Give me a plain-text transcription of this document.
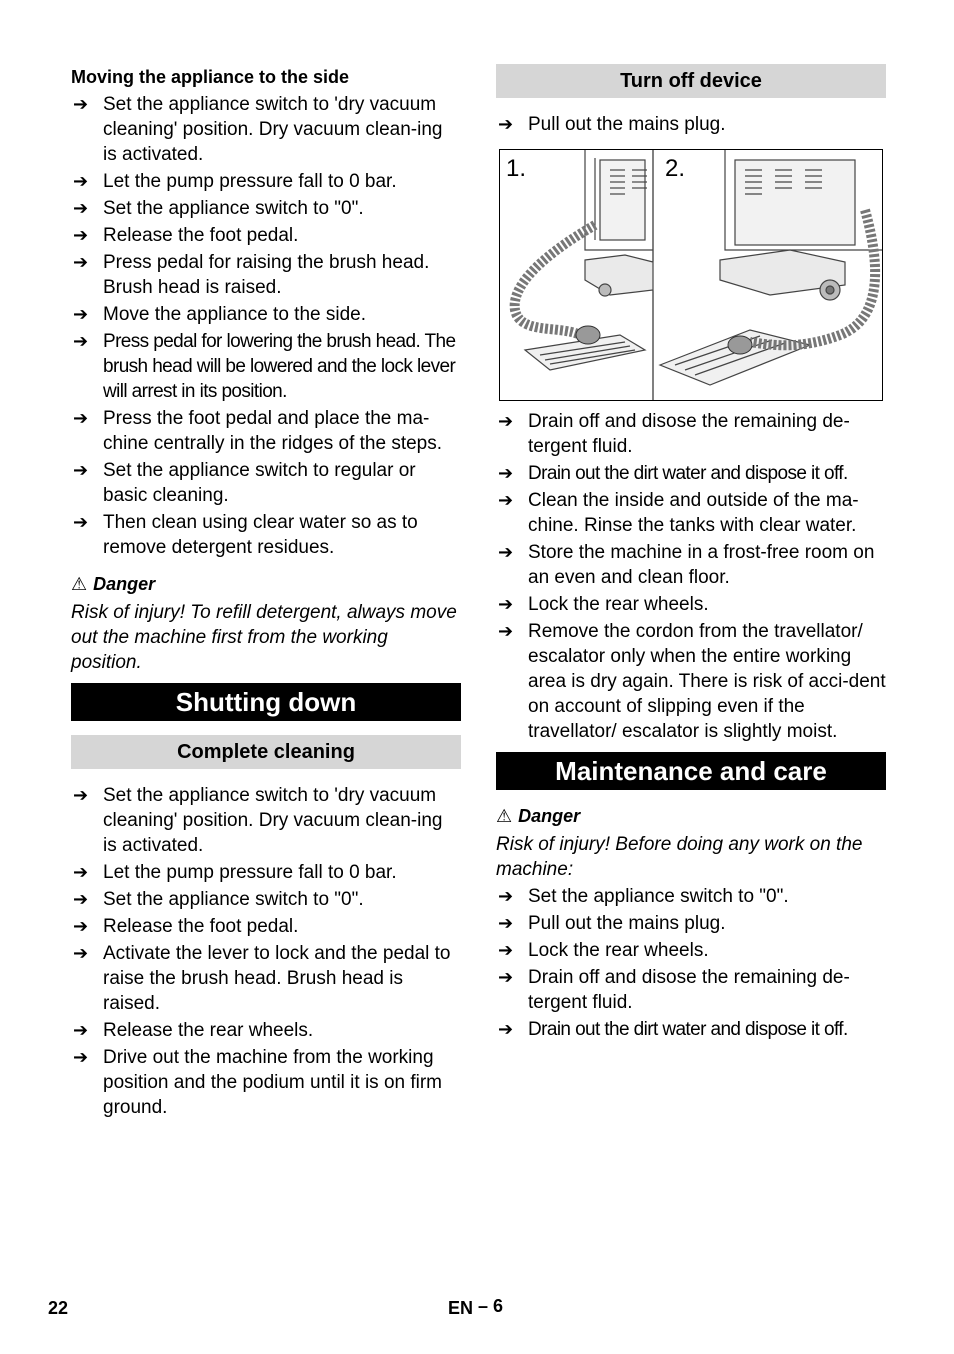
Moving the appliance to the side
➔ Set the appliance switch to 'dry vacuum cleaning' position. Dry vacuum clean-ing is activated.
➔ Let the pump pressure fall to 0 bar.
➔ Set the appliance switch to "0".
➔ Release the foot pedal.
➔ Press pedal for raising the brush head. Brush head is raised.
➔ Move the appliance to the side.
➔ Press pedal for lowering the brush head. The brush head will be lowered and the lock lever will arrest in its position.
➔ Press the foot pedal and place the ma-chine centrally in the ridges of the steps.
➔ Set the appliance switch to regular or basic cleaning.
➔ Then clean using clear water so as to remove detergent residues.
⚠ Danger

Risk of injury! To refill detergent, always move out the machine first from the working position.

Shutting down
Complete cleaning
➔ Set the appliance switch to 'dry vacuum cleaning' position. Dry vacuum clean-ing is activated.
➔ Let the pump pressure fall to 0 bar.
➔ Set the appliance switch to "0".
➔ Release the foot pedal.
➔ Activate the lever to lock and the pedal to raise the brush head. Brush head is raised.
➔ Release the rear wheels.
➔ Drive out the machine from the working position and the podium until it is on firm ground.
Turn off device
➔ Pull out the mains plug.
1.	2.
➔ Drain off and disose the remaining de-tergent fluid.
➔ Drain out the dirt water and dispose it off.
➔ Clean the inside and outside of the ma-chine. Rinse the tanks with clear water.
➔ Store the machine in a frost-free room on an even and clean floor.
➔ Lock the rear wheels.
➔ Remove the cordon from the travellator/ escalator only when the entire working area is dry again. There is risk of acci-dent on account of slipping even if the travellator/ escalator is slightly moist.
Maintenance and care
⚠ Danger

Risk of injury! Before doing any work on the machine:

➔ Set the appliance switch to "0".
➔ Pull out the mains plug.
➔ Lock the rear wheels.
➔ Drain off and disose the remaining de-tergent fluid.
➔ Drain out the dirt water and dispose it off.
22	EN – 6
